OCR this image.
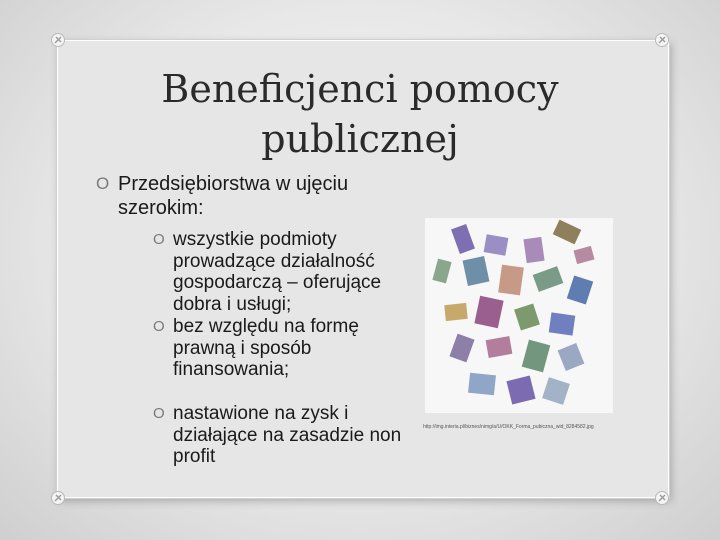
Beneficjenci pomocy
publicznej
O Przedsiębiorstwa w ujęciu szerokim:
O wszystkie podmioty prowadzące działalność gospodarczą – oferujące dobra i usługi;
O bez względu na formę prawną i sposób finansowania;
O nastawione na zysk i działające na zasadzie non profit
http://img.interia.pl/biznes/nimg/a/U/OKK_Forma_pubiczna_wid_8284582.jpg
